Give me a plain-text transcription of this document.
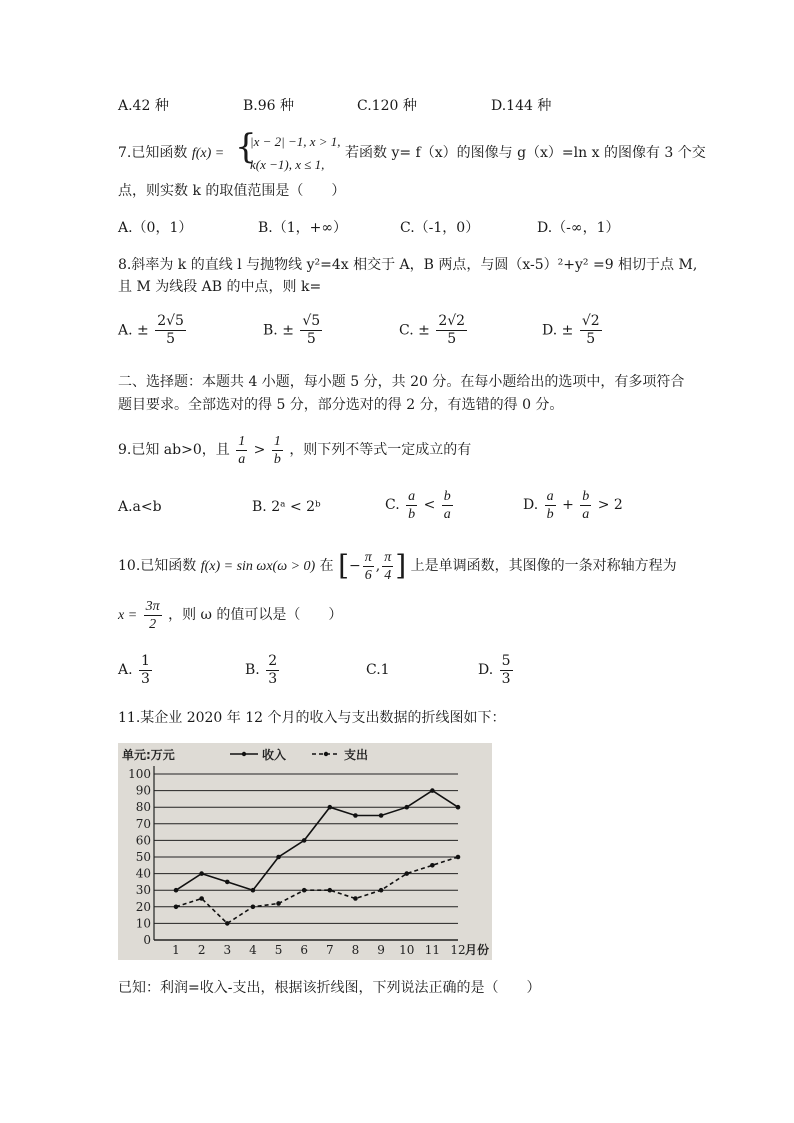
A.42 种	B.96 种	C.120 种	D.144 种
7.已知函数 f(x) = {
|x − 2| −1, x > 1,
k(x −1), x ≤ 1,
若函数 y= f（x）的图像与 g（x）=ln x 的图像有 3 个交
点，则实数 k 的取值范围是（　　）
A.（0，1）	B.（1，+∞）	C.（-1，0）	D.（-∞，1）
8.斜率为 k 的直线 l 与抛物线 y²=4x 相交于 A，B 两点，与圆（x-5）²+y² =9 相切于点 M,
且 M 为线段 AB 的中点，则 k=
A. ± $\frac{2√5}{5}$	B. ± $\frac{√5}{5}$	C. ± $\frac{2√2}{5}$	D. ± $\frac{√2}{5}$
二、选择题：本题共 4 小题，每小题 5 分，共 20 分。在每小题给出的选项中，有多项符合
题目要求。全部选对的得 5 分，部分选对的得 2 分，有选错的得 0 分。
9.已知 ab>0，且 $\frac{1}{a} > \frac{1}{b}$ ，则下列不等式一定成立的有
A.a<b	B. 2ᵃ < 2ᵇ	C. $\frac{a}{b} < \frac{b}{a}$	D. $\frac{a}{b} + \frac{b}{a} > 2$
10.已知函数 f(x) = sin ωx(ω > 0) 在 [− $\frac{\pi}{6}$ , $\frac{\pi}{4}$ ] 上是单调函数，其图像的一条对称轴方程为
$x = \frac{3\pi}{2}$ ，则 ω 的值可以是（　　）
A. $\frac{1}{3}$	B. $\frac{2}{3}$	C.1	D. $\frac{5}{3}$
11.某企业 2020 年 12 个月的收入与支出数据的折线图如下：
0
10
20
30
40
50
60
70
80
90
100
1 2 3 4 5 6 7 8 9 10 11 12 月份
单元:万元	收入	支出
已知：利润=收入-支出，根据该折线图，下列说法正确的是（　　）
